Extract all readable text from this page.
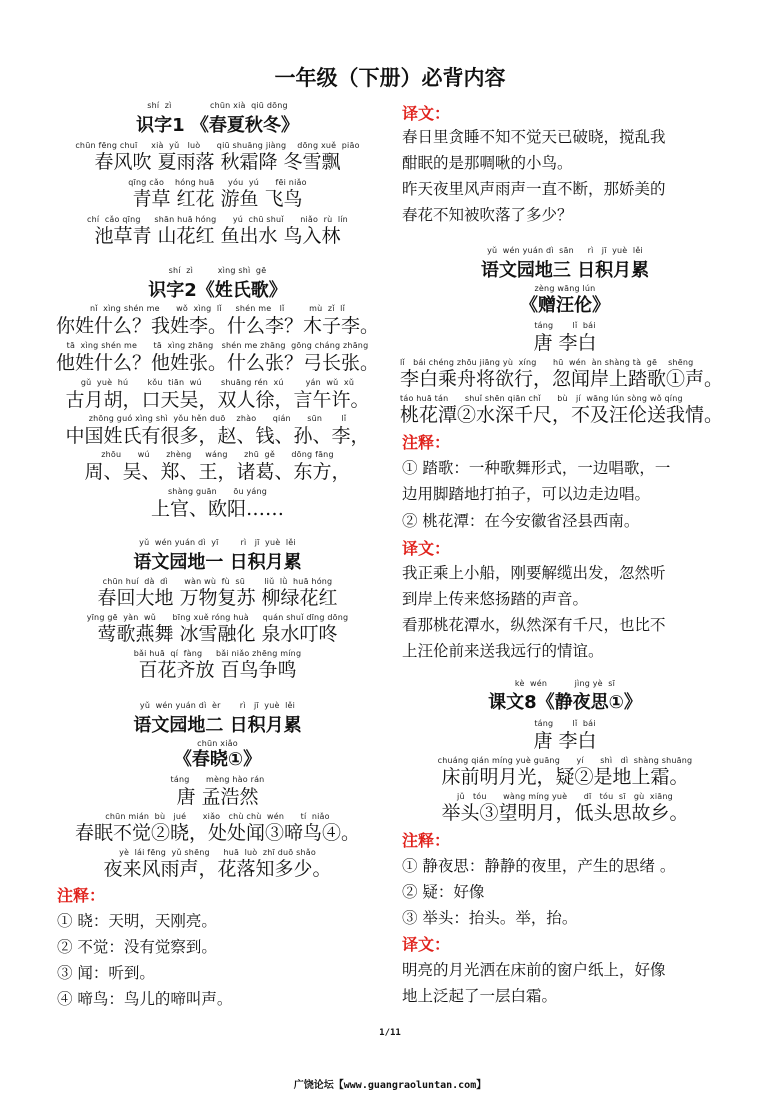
一年级（下册）必背内容
shí  zì              chūn xià  qiū dōng
识字1 《春夏秋冬》
chūn fēng chuī     xià  yǔ   luò      qiū shuāng jiàng    dōng xuě  piāo
春风吹 夏雨落 秋霜降 冬雪飘
qīng cǎo    hóng huā     yóu  yú      fēi niǎo
青草 红花 游鱼 飞鸟
chí  cǎo qīng     shān huā hóng      yú  chū shuǐ      niǎo  rù  lín
池草青 山花红 鱼出水 鸟入林
shí  zì         xìng shì  gē
识字2《姓氏歌》
nǐ  xìng shén me      wǒ  xìng  lǐ     shén me   lǐ         mù  zǐ  lǐ
你姓什么？我姓李。什么李？木子李。
tā  xìng shén me      tā  xìng zhāng   shén me zhāng  gōng cháng zhāng
他姓什么？他姓张。什么张？弓长张。
gǔ  yuè  hú       kǒu  tiān  wú       shuāng rén  xú        yán  wǔ  xǔ
古月胡，口天吴，双人徐，言午许。
zhōng guó xìng shì  yǒu hěn duō    zhào      qián      sūn       lǐ
中国姓氏有很多，赵、钱、孙、李，
zhōu      wú      zhèng     wáng      zhū  gě      dōng fāng
周、吴、郑、王，诸葛、东方，
shàng guān      ōu yáng
上官、欧阳……
yǔ  wén yuán dì  yī        rì   jī  yuè  lěi
语文园地一 日积月累
chūn huí  dà  dì      wàn wù  fù  sū       liǔ  lǜ  huā hóng
春回大地 万物复苏 柳绿花红
yīng gē  yàn  wǔ      bīng xuě róng huà     quán shuǐ dīng dōng
莺歌燕舞 冰雪融化 泉水叮咚
bǎi huā  qí  fàng     bǎi niǎo zhēng míng
百花齐放 百鸟争鸣
yǔ  wén yuán dì  èr       rì   jī  yuè  lěi
语文园地二 日积月累
chūn xiǎo
《春晓①》
táng      mèng hào rán
唐 孟浩然
chūn mián  bù   jué      xiǎo   chù chù  wén      tí  niǎo
春眠不觉②晓，处处闻③啼鸟④。
yè  lái fēng  yǔ shēng     huā  luò  zhī duō shǎo
夜来风雨声，花落知多少。
注释：
① 晓：天明，天刚亮。
② 不觉：没有觉察到。
③ 闻：听到。
④ 啼鸟：鸟儿的啼叫声。
译文：
春日里贪睡不知不觉天已破晓，搅乱我
酣眠的是那啁啾的小鸟。
昨天夜里风声雨声一直不断，那娇美的
春花不知被吹落了多少？
yǔ  wén yuán dì  sān     rì   jī  yuè  lěi
语文园地三 日积月累
zèng wāng lún
《赠汪伦》
táng       lǐ  bái
唐 李白
lǐ   bái chéng zhōu jiāng yù  xíng      hū  wén  àn shàng tà  gē    shēng
李白乘舟将欲行，忽闻岸上踏歌①声。
táo huā tán      shuǐ shēn qiān chǐ      bù   jí  wāng lún sòng wǒ qíng
桃花潭②水深千尺，不及汪伦送我情。
注释：
① 踏歌：一种歌舞形式，一边唱歌，一
边用脚踏地打拍子，可以边走边唱。
② 桃花潭：在今安徽省泾县西南。
译文：
我正乘上小船，刚要解缆出发，忽然听
到岸上传来悠扬踏的声音。
看那桃花潭水，纵然深有千尺，也比不
上汪伦前来送我远行的情谊。
kè  wén          jìng yè  sī
课文8《静夜思①》
táng       lǐ  bái
唐 李白
chuáng qián míng yuè guāng      yí      shì   dì  shàng shuāng
床前明月光，疑②是地上霜。
jǔ   tóu      wàng míng yuè      dī   tóu  sī   gù  xiāng
举头③望明月，低头思故乡。
注释：
① 静夜思：静静的夜里，产生的思绪 。
② 疑：好像
③ 举头：抬头。举，抬。
译文：
明亮的月光洒在床前的窗户纸上，好像
地上泛起了一层白霜。
1/11
广饶论坛【www.guangraoluntan.com】
